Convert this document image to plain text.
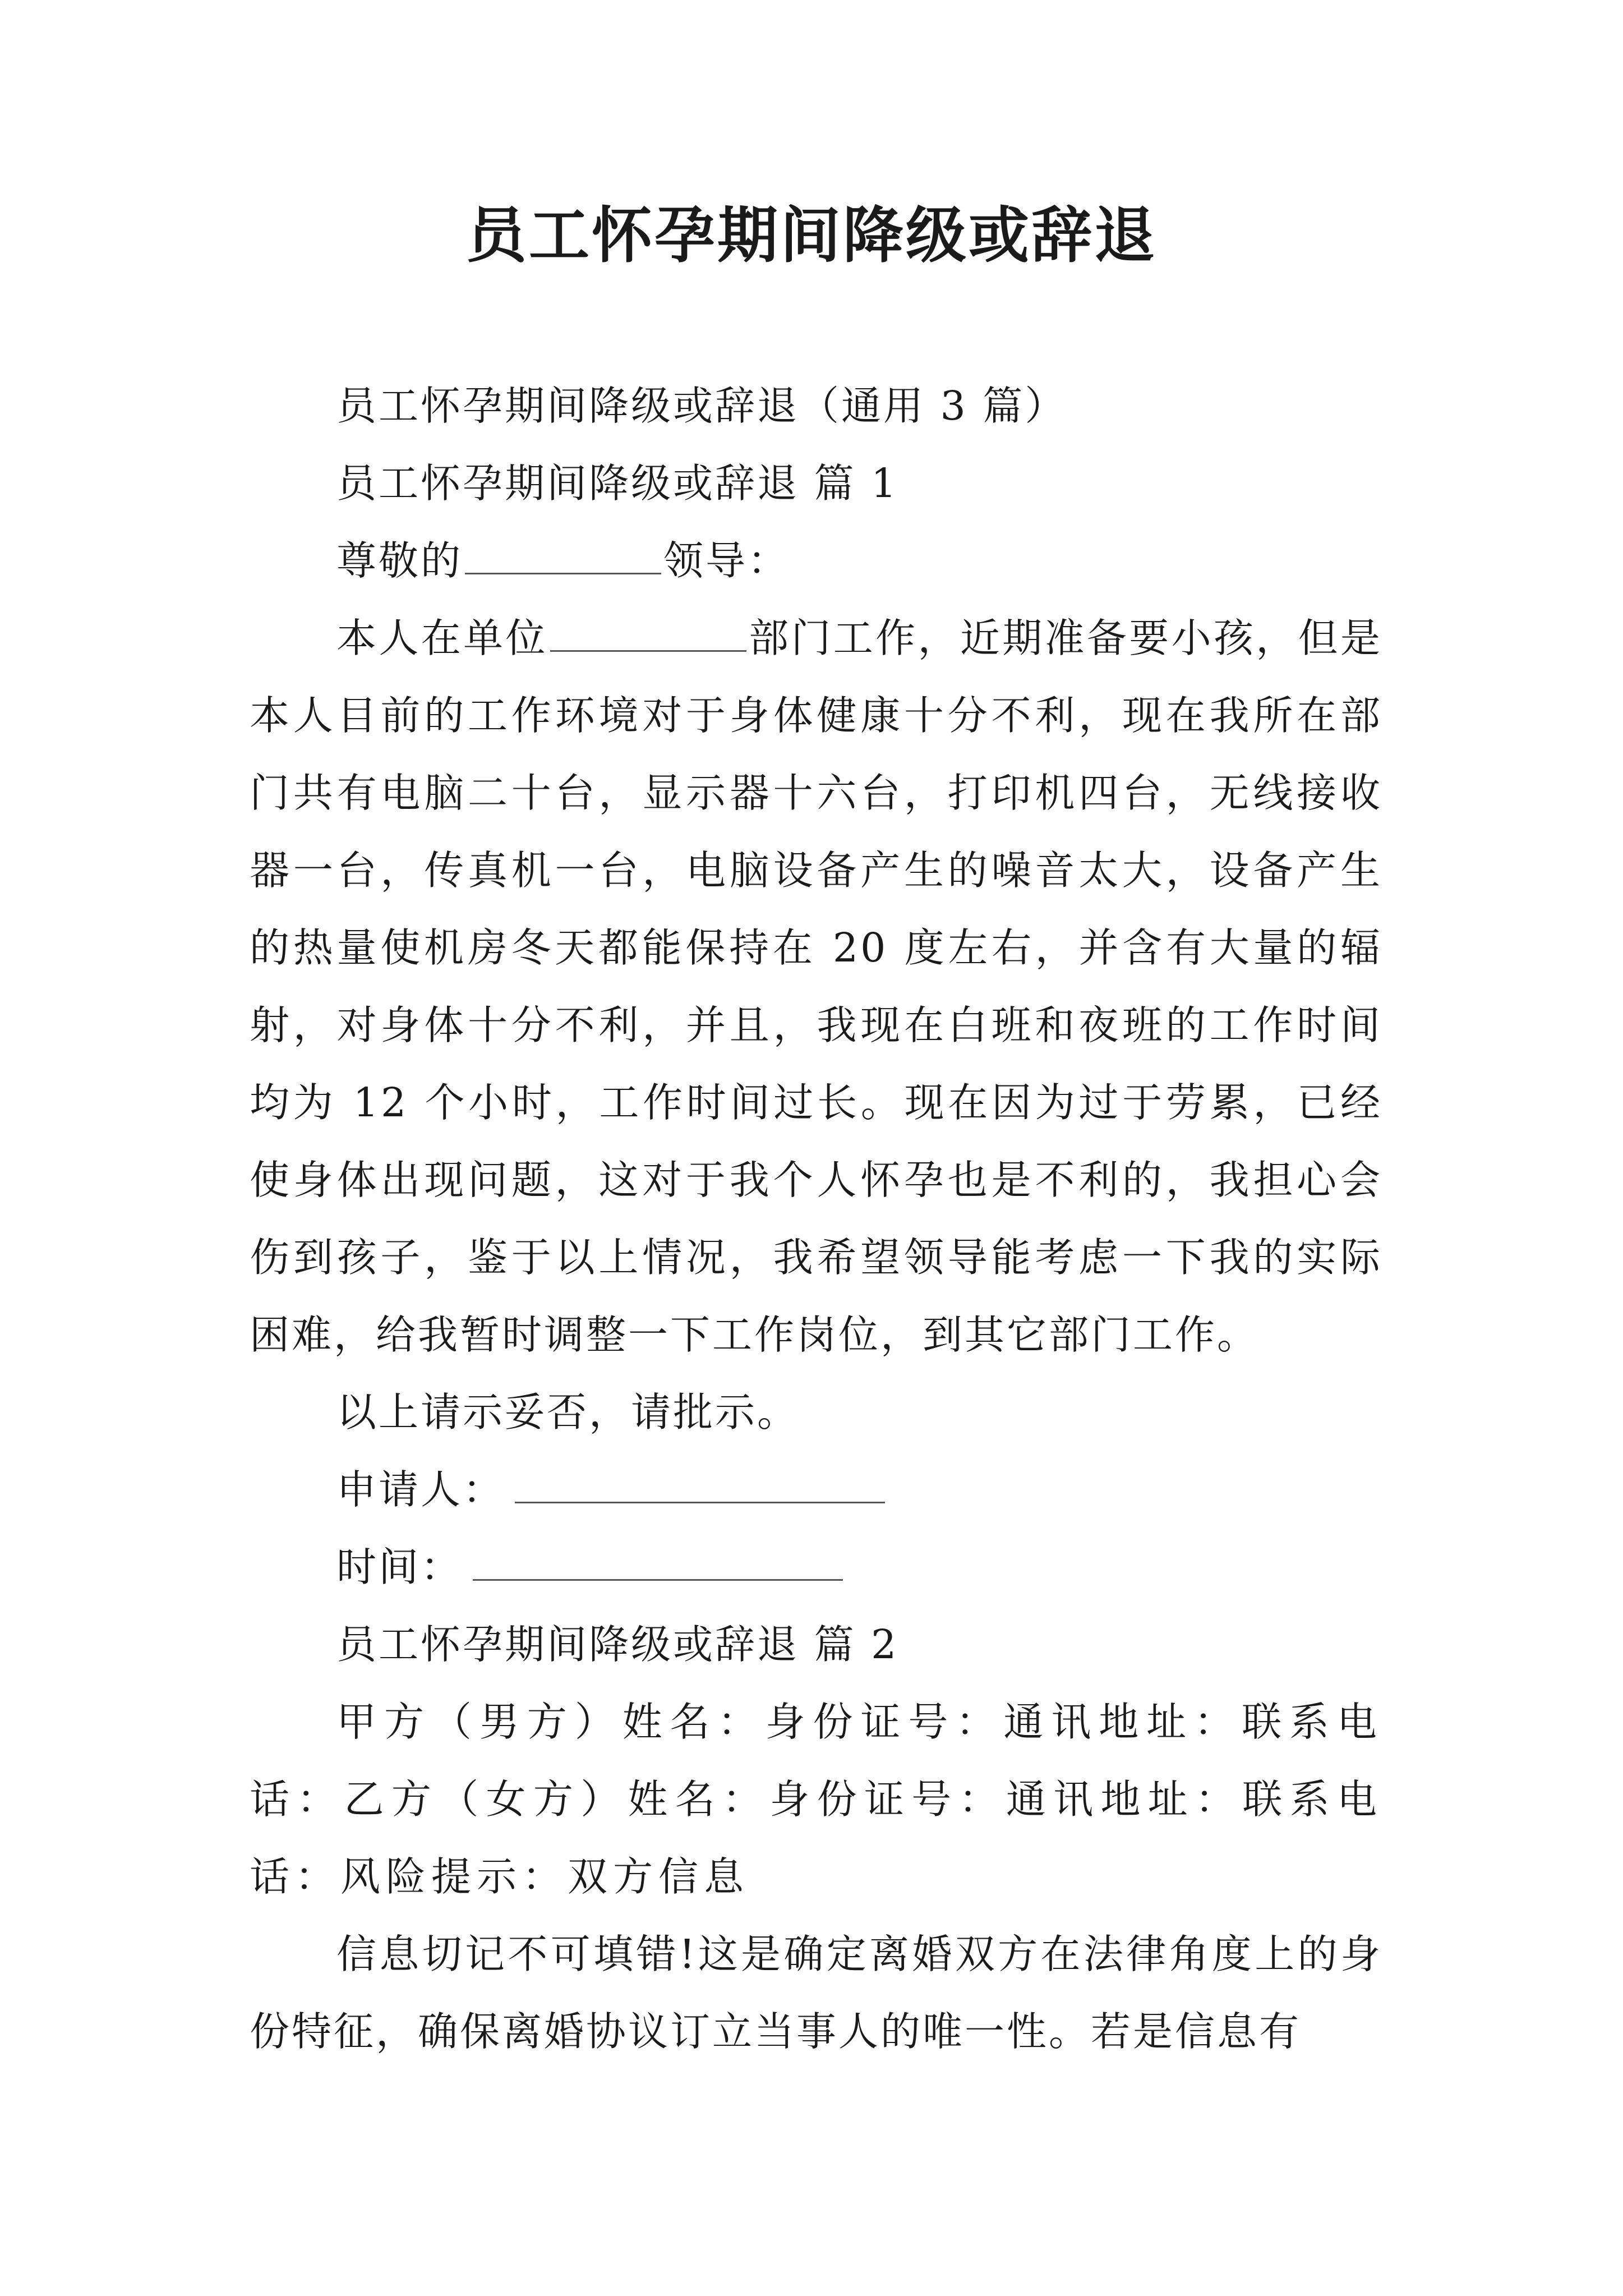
员工怀孕期间降级或辞退

员工怀孕期间降级或辞退（通用 3 篇）

员工怀孕期间降级或辞退 篇 1

尊敬的	领导：

本人在单位	部门工作，近期准备要小孩，但是本人目前的工作环境对于身体健康十分不利，现在我所在部门共有电脑二十台，显示器十六台，打印机四台，无线接收器一台，传真机一台，电脑设备产生的噪音太大，设备产生的热量使机房冬天都能保持在 20 度左右，并含有大量的辐射，对身体十分不利，并且，我现在白班和夜班的工作时间均为 12 个小时，工作时间过长。现在因为过于劳累，已经使身体出现问题，这对于我个人怀孕也是不利的，我担心会伤到孩子，鉴于以上情况，我希望领导能考虑一下我的实际困难，给我暂时调整一下工作岗位，到其它部门工作。

以上请示妥否，请批示。

申请人：

时间：

员工怀孕期间降级或辞退 篇 2

甲方（男方）姓名：身份证号：通讯地址：联系电话：乙方（女方）姓名：身份证号：通讯地址：联系电话：风险提示：双方信息

信息切记不可填错!这是确定离婚双方在法律角度上的身份特征，确保离婚协议订立当事人的唯一性。若是信息有
